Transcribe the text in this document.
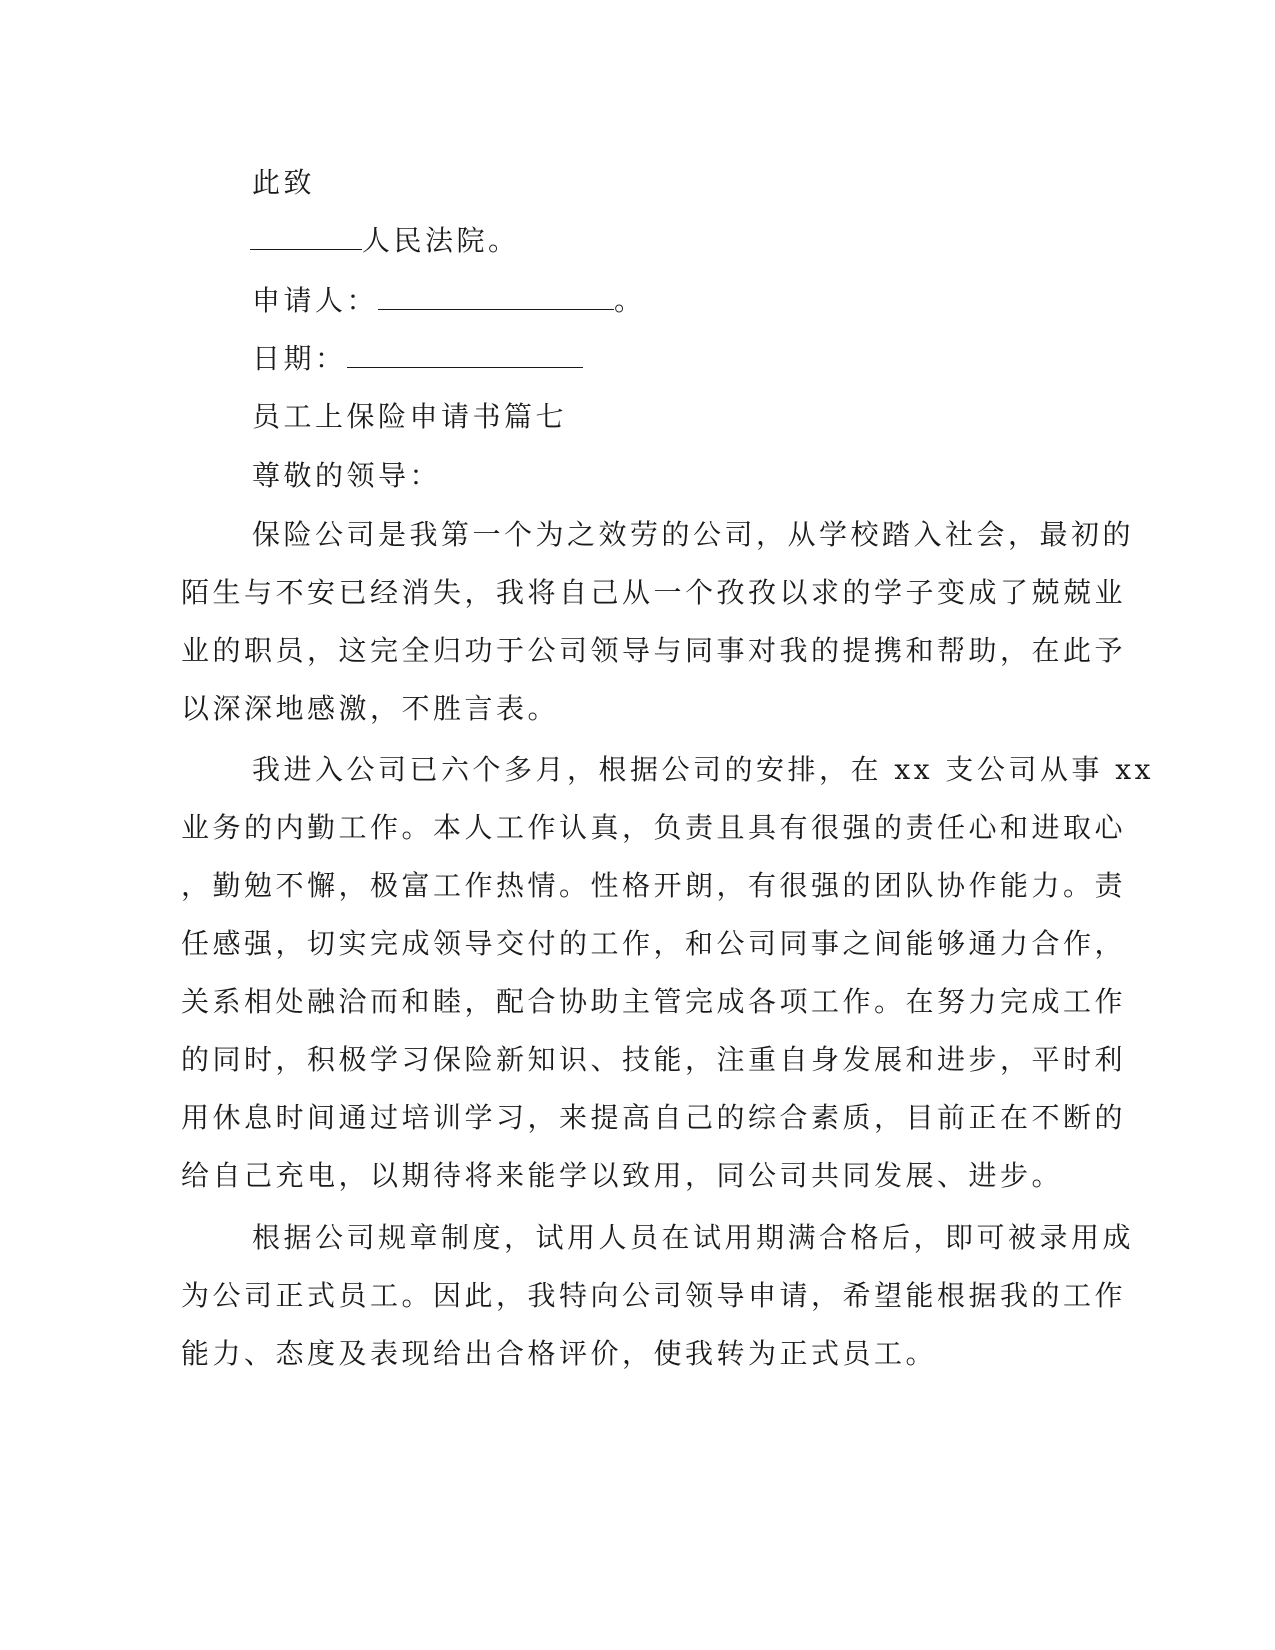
此致
人民法院。
申请人：	。
日期：
员工上保险申请书篇七
尊敬的领导：
保险公司是我第一个为之效劳的公司，从学校踏入社会，最初的
陌生与不安已经消失，我将自己从一个孜孜以求的学子变成了兢兢业
业的职员，这完全归功于公司领导与同事对我的提携和帮助，在此予
以深深地感激，不胜言表。
我进入公司已六个多月，根据公司的安排，在 xx 支公司从事 xx
业务的内勤工作。本人工作认真，负责且具有很强的责任心和进取心
，勤勉不懈，极富工作热情。性格开朗，有很强的团队协作能力。责
任感强，切实完成领导交付的工作，和公司同事之间能够通力合作，
关系相处融洽而和睦，配合协助主管完成各项工作。在努力完成工作
的同时，积极学习保险新知识、技能，注重自身发展和进步，平时利
用休息时间通过培训学习，来提高自己的综合素质，目前正在不断的
给自己充电，以期待将来能学以致用，同公司共同发展、进步。
根据公司规章制度，试用人员在试用期满合格后，即可被录用成
为公司正式员工。因此，我特向公司领导申请，希望能根据我的工作
能力、态度及表现给出合格评价，使我转为正式员工。
